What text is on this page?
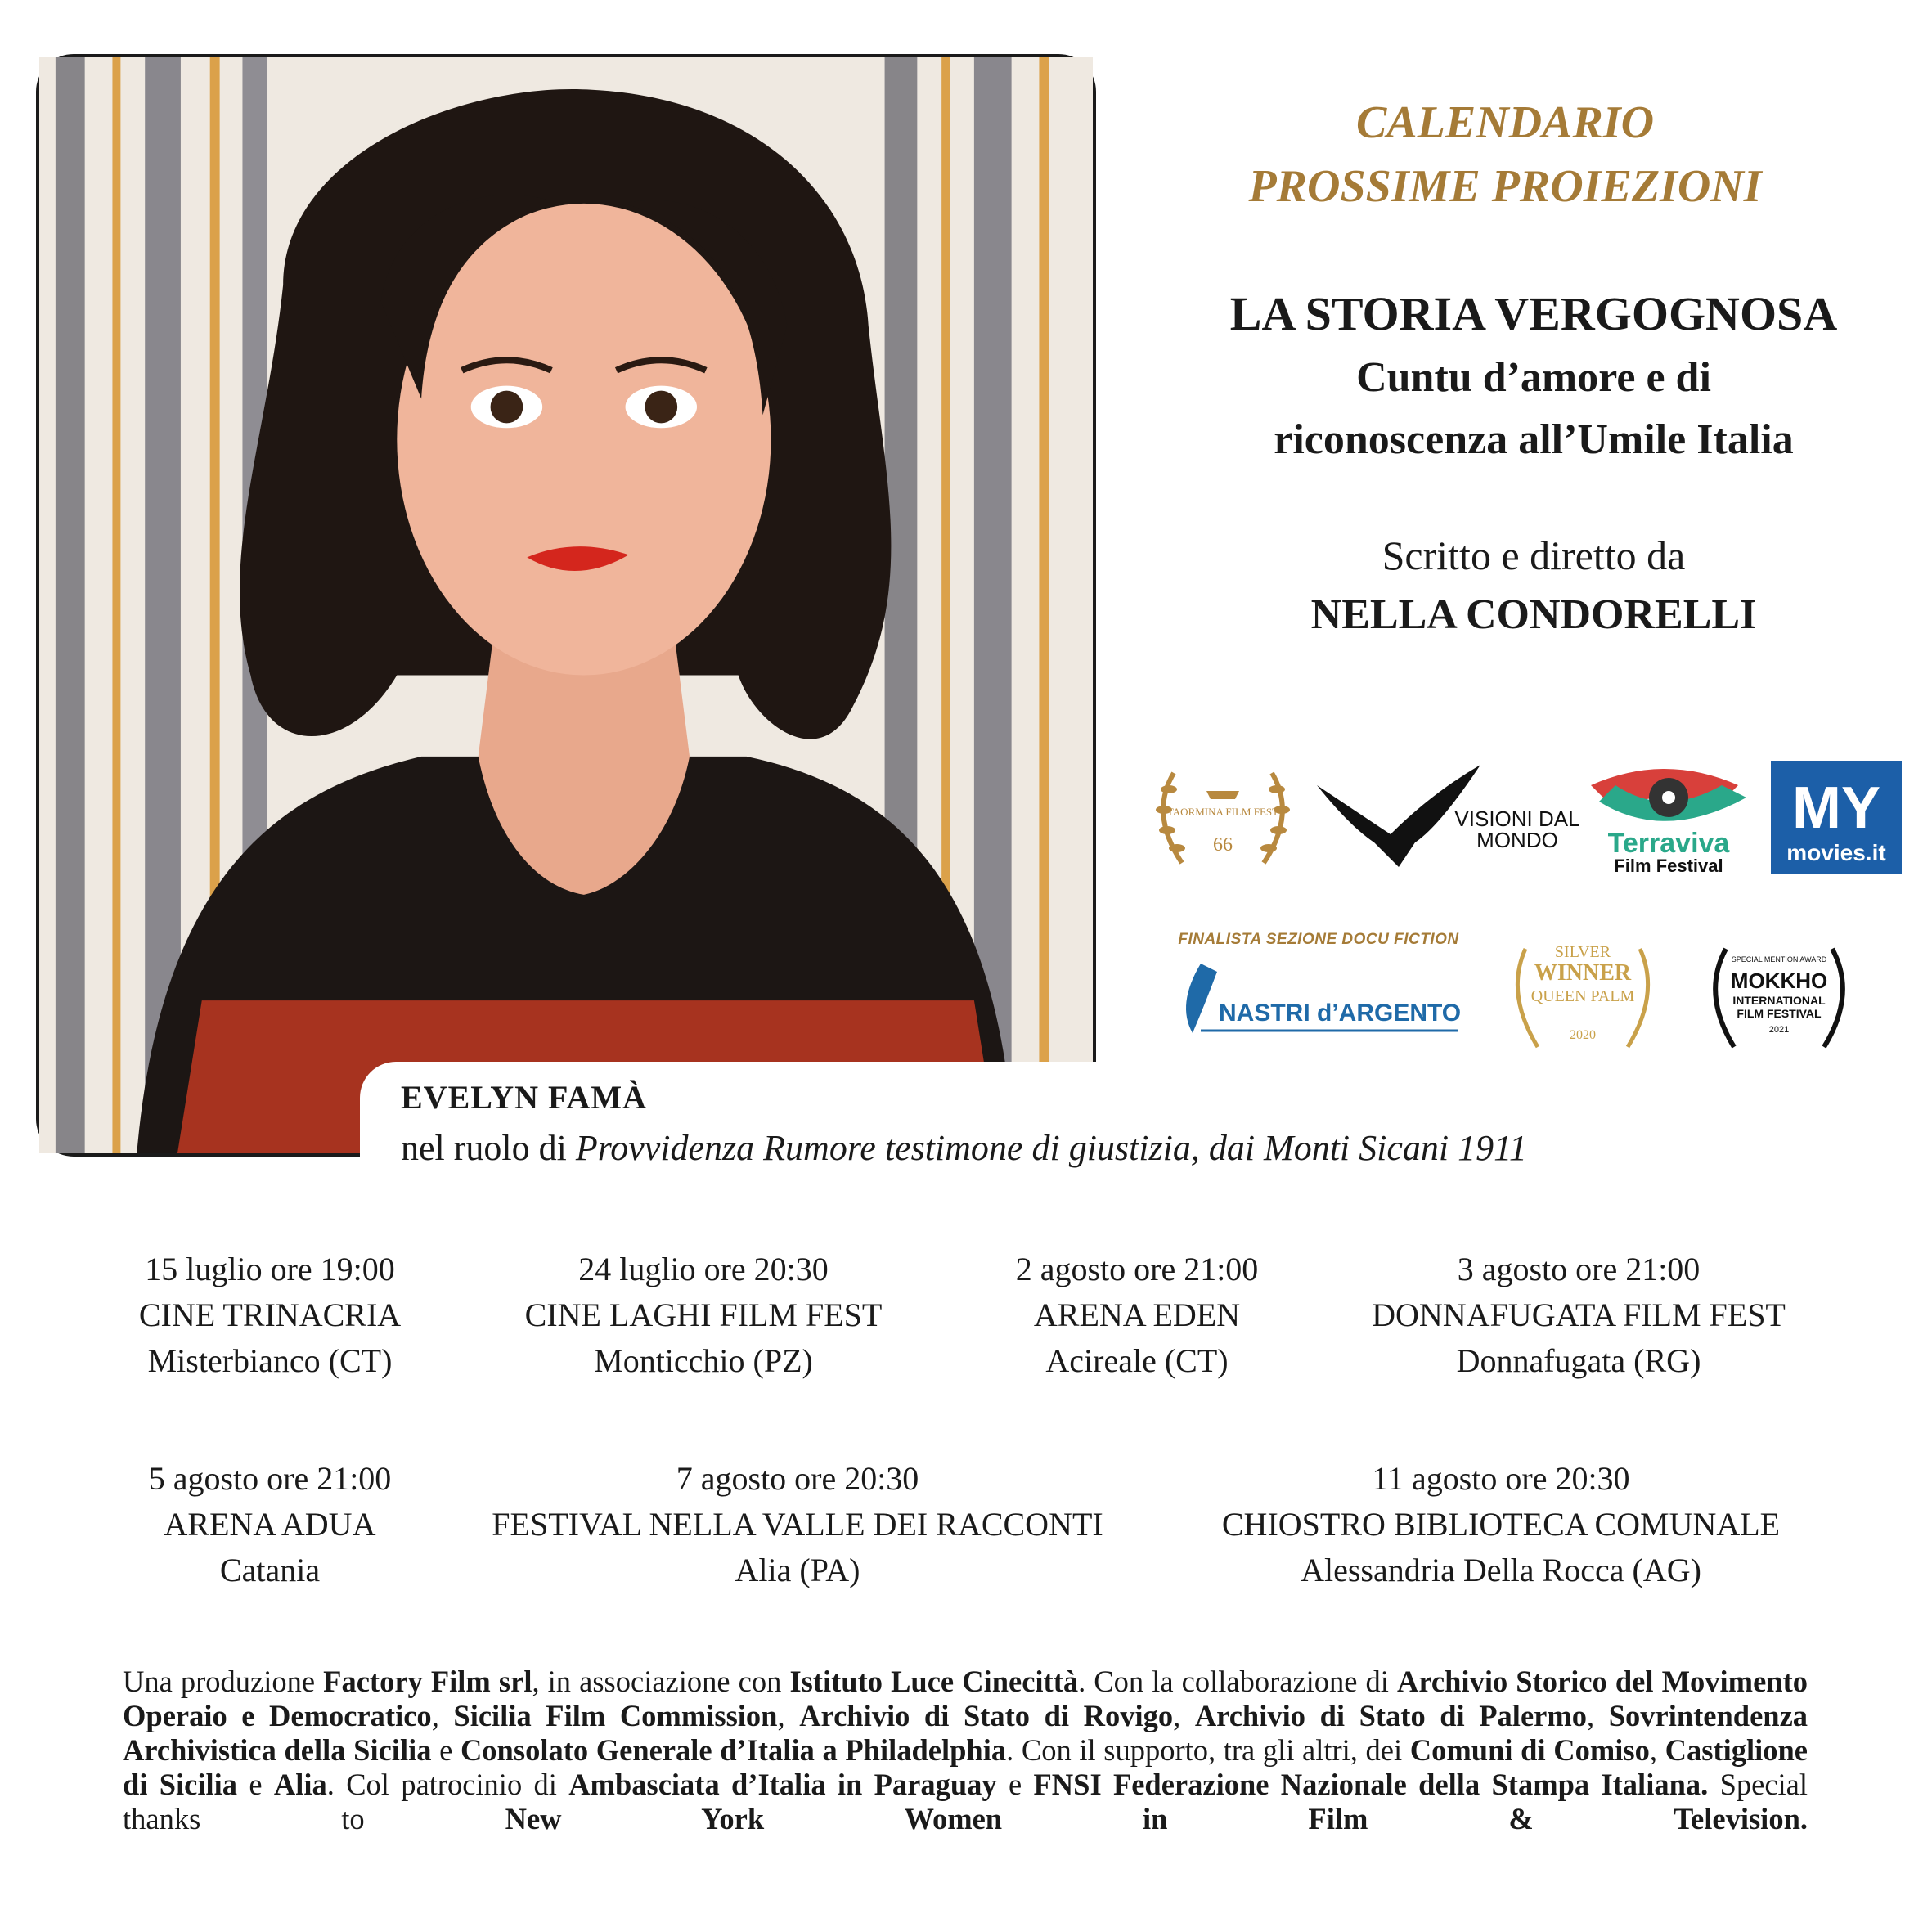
EVELYN FAMÀ
nel ruolo di Provvidenza Rumore testimone di giustizia, dai Monti Sicani 1911
CALENDARIO
PROSSIME PROIEZIONI
LA STORIA VERGOGNOSA
Cuntu d’amore e di
riconoscenza all’Umile Italia
Scritto e diretto da
NELLA CONDORELLI
TAORMINA FILM FEST
66
VISIONI DAL
MONDO Terraviva
Film Festival
MY
movies.it
FINALISTA SEZIONE DOCU FICTION
NASTRI d’ARGENTO
SILVER
WINNER
QUEEN PALM
2020
SPECIAL MENTION AWARD
MOKKHO
INTERNATIONAL
FILM FESTIVAL
2021
15 luglio ore 19:00
CINE TRINACRIA
Misterbianco (CT)
24 luglio ore 20:30
CINE LAGHI FILM FEST
Monticchio (PZ)
2 agosto ore 21:00
ARENA EDEN
Acireale (CT)
3 agosto ore 21:00
DONNAFUGATA FILM FEST
Donnafugata (RG)
5 agosto ore 21:00
ARENA ADUA
Catania
7 agosto ore 20:30
FESTIVAL NELLA VALLE DEI RACCONTI
Alia (PA)
11 agosto ore 20:30
CHIOSTRO BIBLIOTECA COMUNALE
Alessandria Della Rocca (AG)
Una produzione Factory Film srl, in associazione con Istituto Luce Cinecittà. Con la collaborazione di Archivio Storico del Movimento Operaio e Democratico, Sicilia Film Commission, Archivio di Stato di Rovigo, Archivio di Stato di Palermo, Sovrintendenza Archivistica della Sicilia e Consolato Generale d’Italia a Philadelphia. Con il supporto, tra gli altri, dei Comuni di Comiso, Castiglione di Sicilia e Alia. Col patrocinio di Ambasciata d’Italia in Paraguay e FNSI Federazione Nazionale della Stampa Italiana. Special thanks to New York Women in Film & Television.
